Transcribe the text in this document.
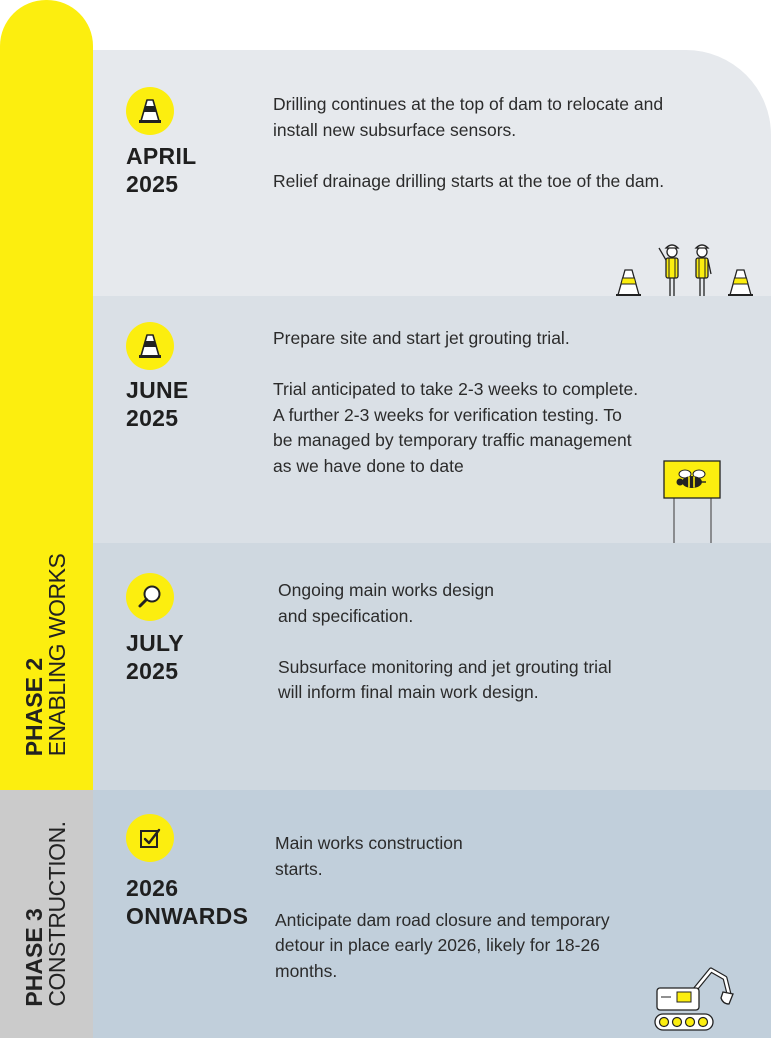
PHASE 2
ENABLING WORKS
PHASE 3
CONSTRUCTION.
APRIL
2025

Drilling continues at the top of dam to relocate and install new subsurface sensors.

Relief drainage drilling starts at the toe of the dam.

JUNE
2025

Prepare site and start jet grouting trial.

Trial anticipated to take 2-3 weeks to complete. A further 2-3 weeks for verification testing. To be managed by temporary traffic management as we have done to date

JULY
2025

Ongoing main works design and specification.

Subsurface monitoring and jet grouting trial will inform final main work design.

2026
ONWARDS

Main works construction starts.

Anticipate dam road closure and temporary detour in place early 2026, likely for 18-26 months.
